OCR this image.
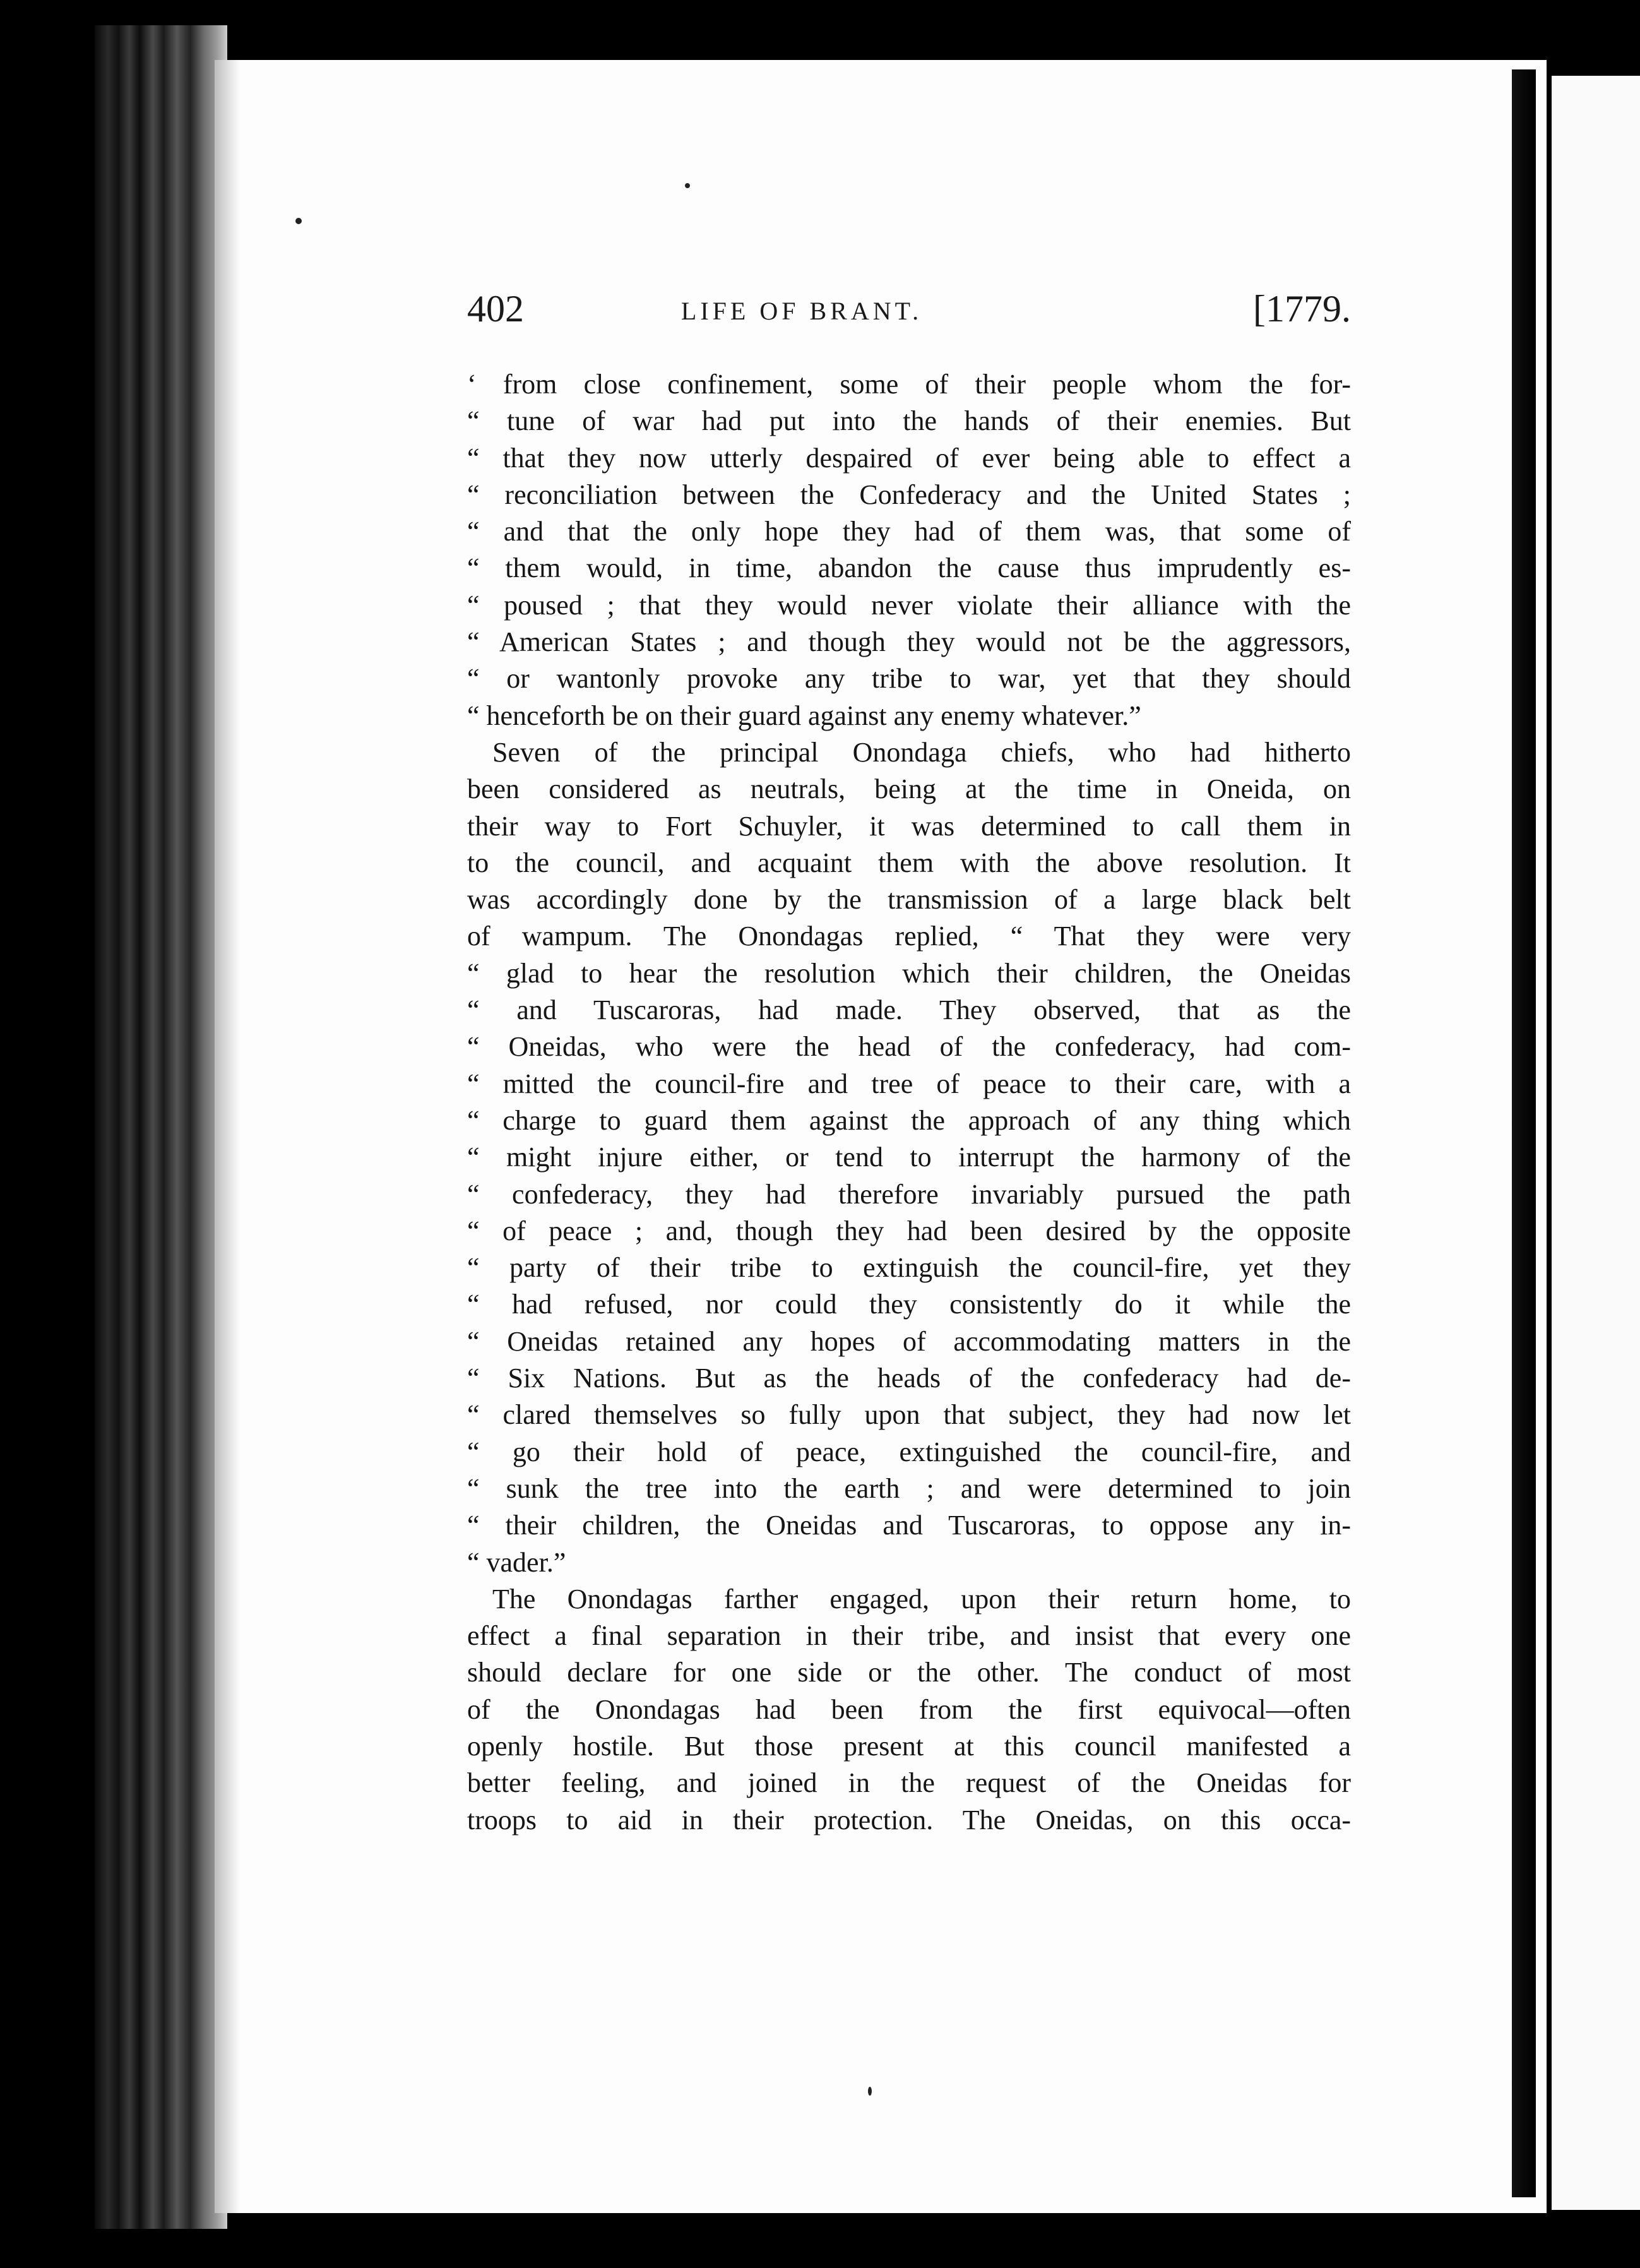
402	LIFE OF BRANT.	[1779.
‘ from close confinement, some of their people whom the for-
“ tune of war had put into the hands of their enemies. But
“ that they now utterly despaired of ever being able to effect a
“ reconciliation between the Confederacy and the United States ;
“ and that the only hope they had of them was, that some of
“ them would, in time, abandon the cause thus imprudently es-
“ poused ; that they would never violate their alliance with the
“ American States ; and though they would not be the aggressors,
“ or wantonly provoke any tribe to war, yet that they should
“ henceforth be on their guard against any enemy whatever.”
Seven of the principal Onondaga chiefs, who had hitherto
been considered as neutrals, being at the time in Oneida, on
their way to Fort Schuyler, it was determined to call them in
to the council, and acquaint them with the above resolution. It
was accordingly done by the transmission of a large black belt
of wampum. The Onondagas replied, “ That they were very
“ glad to hear the resolution which their children, the Oneidas
“ and Tuscaroras, had made. They observed, that as the
“ Oneidas, who were the head of the confederacy, had com-
“ mitted the council-fire and tree of peace to their care, with a
“ charge to guard them against the approach of any thing which
“ might injure either, or tend to interrupt the harmony of the
“ confederacy, they had therefore invariably pursued the path
“ of peace ; and, though they had been desired by the opposite
“ party of their tribe to extinguish the council-fire, yet they
“ had refused, nor could they consistently do it while the
“ Oneidas retained any hopes of accommodating matters in the
“ Six Nations. But as the heads of the confederacy had de-
“ clared themselves so fully upon that subject, they had now let
“ go their hold of peace, extinguished the council-fire, and
“ sunk the tree into the earth ; and were determined to join
“ their children, the Oneidas and Tuscaroras, to oppose any in-
“ vader.”
The Onondagas farther engaged, upon their return home, to
effect a final separation in their tribe, and insist that every one
should declare for one side or the other. The conduct of most
of the Onondagas had been from the first equivocal—often
openly hostile. But those present at this council manifested a
better feeling, and joined in the request of the Oneidas for
troops to aid in their protection. The Oneidas, on this occa-
